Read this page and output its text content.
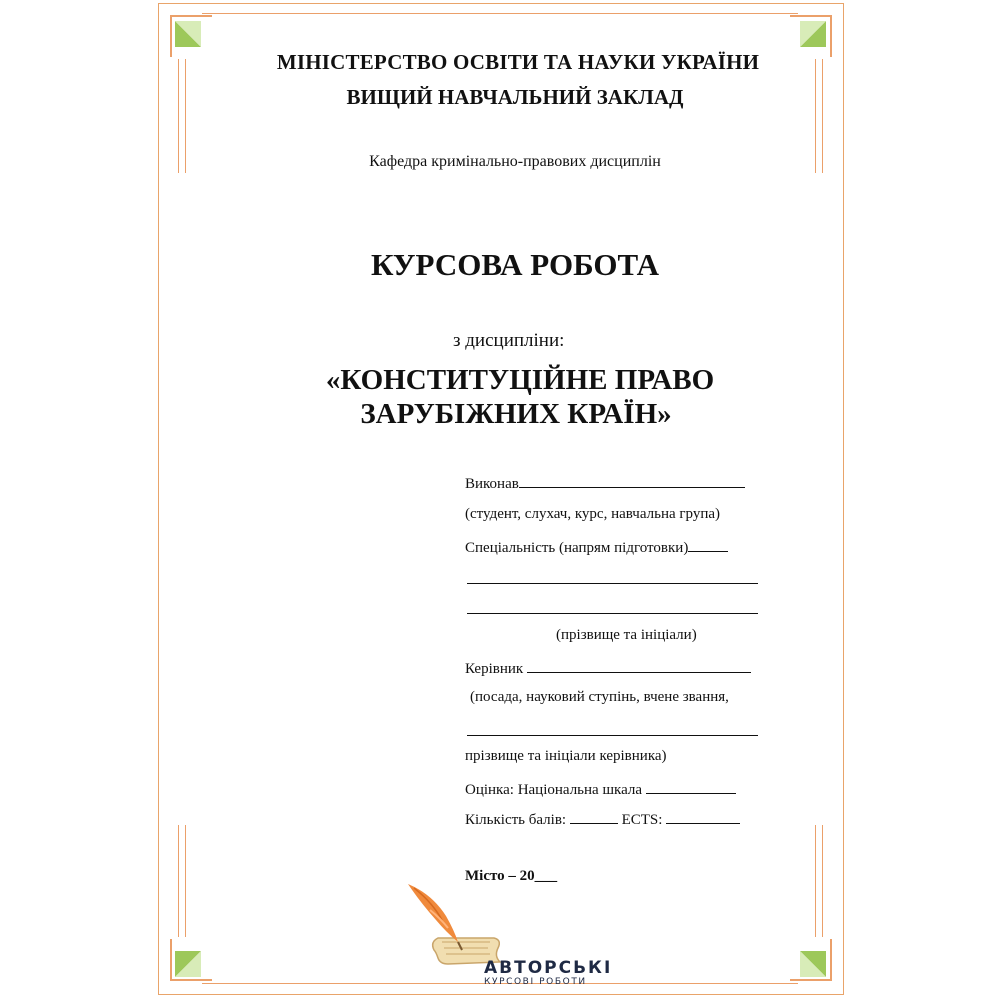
МІНІСТЕРСТВО ОСВІТИ ТА НАУКИ УКРАЇНИ
ВИЩИЙ НАВЧАЛЬНИЙ ЗАКЛАД
Кафедра кримінально-правових дисциплін
КУРСОВА РОБОТА
з дисципліни:
«КОНСТИТУЦІЙНЕ ПРАВО
ЗАРУБІЖНИХ КРАЇН»
Виконав
(студент, слухач, курс, навчальна група)
Спеціальність (напрям підготовки)
(прізвище та ініціали)
Керівник
(посада, науковий ступінь, вчене звання,
прізвище та ініціали керівника)
Оцінка: Національна шкала
Кількість балів:	ECTS:
Місто – 20___
АВТОРСЬКІ
КУРСОВІ РОБОТИ
